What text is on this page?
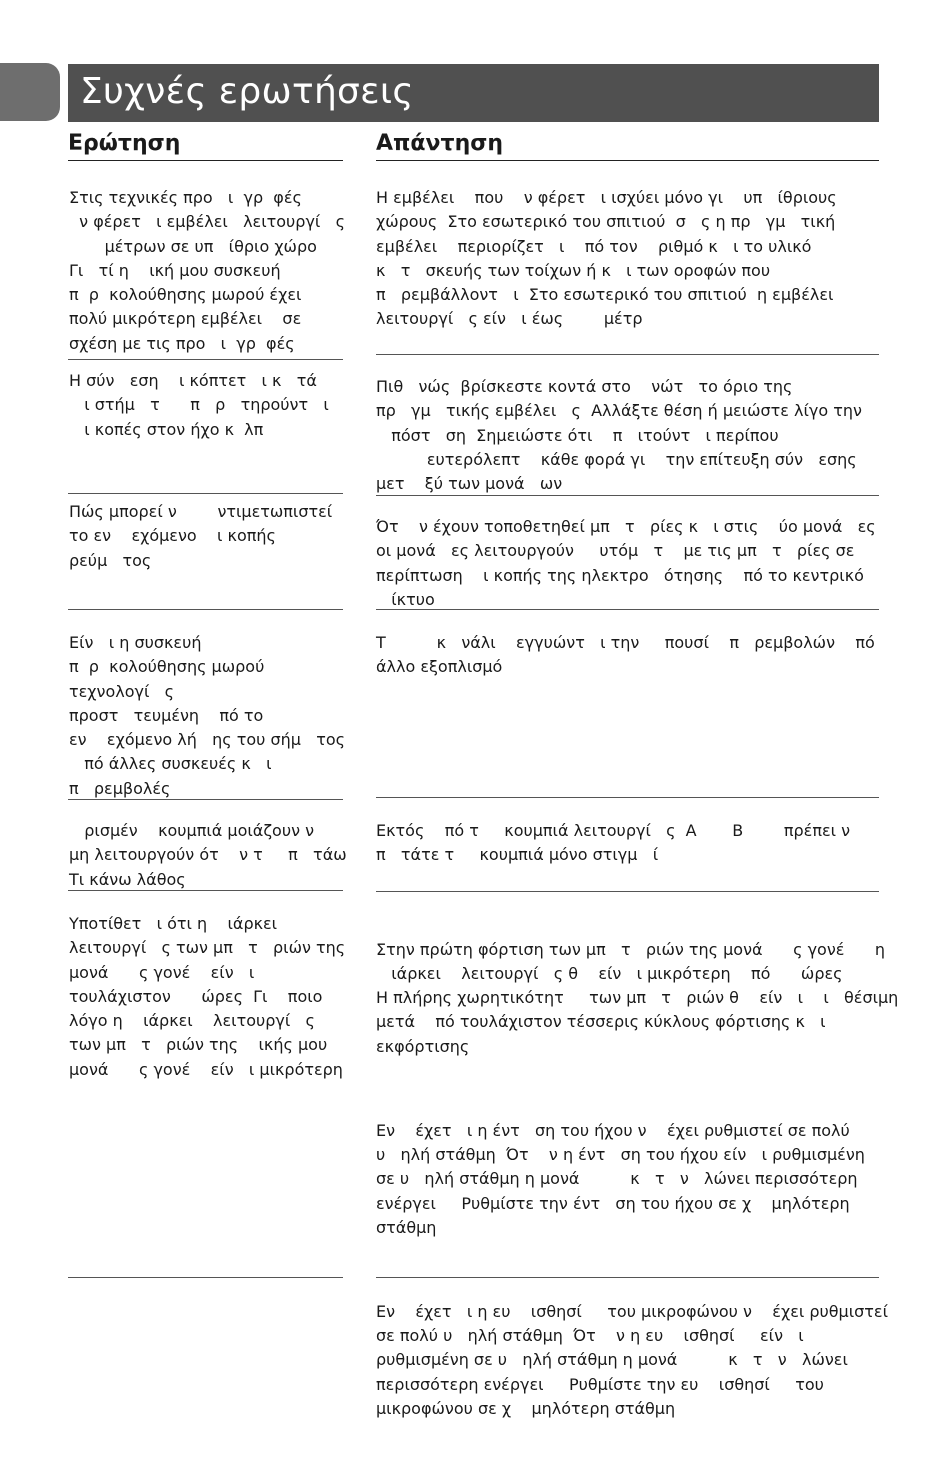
Συχνές ερωτήσεις
Ερώτηση	Απάντηση
Στις τεχνικές προ   ι  γρ  φές
ν φέρετ   ι εμβέλει   λειτουργί   ς
μέτρων σε υπ   ίθριο χώρο
Γι   τί η    ική μου συσκευή
π  ρ  κολούθησης μωρού έχει
πολύ μικρότερη εμβέλει    σε
σχέση με τις προ   ι  γρ  φές
Η εμβέλει    που    ν φέρετ   ι ισχύει μόνο γι    υπ   ίθριους
χώρους  Στο εσωτερικό του σπιτιού  σ   ς η πρ   γμ   τική
εμβέλει    περιορίζετ   ι    πό τον    ριθμό κ   ι το υλικό
κ   τ   σκευής των τοίχων ή κ   ι των οροφών που
π   ρεμβάλλοντ   ι  Στο εσωτερικό του σπιτιού  η εμβέλει
λειτουργί   ς είν   ι έως        μέτρ
Η σύν   εση    ι κόπτετ   ι κ   τά
ι στήμ   τ      π   ρ   τηρούντ   ι
ι κοπές στον ήχο κ  λπ
Πιθ   νώς  βρίσκεστε κοντά στο    νώτ   το όριο της
πρ   γμ   τικής εμβέλει   ς  Αλλάξτε θέση ή μειώστε λίγο την
πόστ   ση  Σημειώστε ότι    π   ιτούντ   ι περίπου
ευτερόλεπτ    κάθε φορά γι    την επίτευξη σύν   εσης
μετ    ξύ των μονά   ων
Πώς μπορεί ν        ντιμετωπιστεί
το εν    εχόμενο    ι κοπής
ρεύμ   τος
Ότ    ν έχουν τοποθετηθεί μπ   τ   ρίες κ   ι στις    ύο μονά   ες
οι μονά   ες λειτουργούν     υτόμ   τ    με τις μπ   τ   ρίες σε
περίπτωση    ι κοπής της ηλεκτρο   ότησης    πό το κεντρικό
ίκτυο
Είν   ι η συσκευή
π  ρ  κολούθησης μωρού
τεχνολογί   ς
προστ   τευμένη    πό το
εν    εχόμενο λή   ης του σήμ   τος
πό άλλες συσκευές κ   ι
π   ρεμβολές
Τ          κ   νάλι    εγγυώντ   ι την     πουσί    π   ρεμβολών    πό
άλλο εξοπλισμό
ρισμέν    κουμπιά μοιάζουν ν
μη λειτουργούν ότ    ν τ     π   τάω
Τι κάνω λάθος
Εκτός    πό τ     κουμπιά λειτουργί   ς  Α       Β        πρέπει ν
π   τάτε τ     κουμπιά μόνο στιγμ   ί
Υποτίθετ   ι ότι η    ιάρκει
λειτουργί   ς των μπ   τ   ριών της
μονά      ς γονέ    είν   ι
τουλάχιστον      ώρες  Γι    ποιο
λόγο η    ιάρκει    λειτουργί   ς
των μπ   τ   ριών της    ικής μου
μονά      ς γονέ    είν   ι μικρότερη

Στην πρώτη φόρτιση των μπ   τ   ριών της μονά      ς γονέ      η
ιάρκει    λειτουργί   ς θ    είν   ι μικρότερη    πό      ώρες
Η πλήρης χωρητικότητ     των μπ   τ   ριών θ    είν   ι    ι   θέσιμη
μετά    πό τουλάχιστον τέσσερις κύκλους φόρτισης κ   ι
εκφόρτισης

Εν    έχετ   ι η έντ   ση του ήχου ν    έχει ρυθμιστεί σε πολύ
υ   ηλή στάθμη  Ότ    ν η έντ   ση του ήχου είν   ι ρυθμισμένη
σε υ   ηλή στάθμη η μονά          κ   τ   ν   λώνει περισσότερη
ενέργει     Ρυθμίστε την έντ   ση του ήχου σε χ    μηλότερη
στάθμη

Εν    έχετ   ι η ευ    ισθησί     του μικροφώνου ν    έχει ρυθμιστεί
σε πολύ υ   ηλή στάθμη  Ότ    ν η ευ    ισθησί     είν   ι
ρυθμισμένη σε υ   ηλή στάθμη η μονά          κ   τ   ν   λώνει
περισσότερη ενέργει     Ρυθμίστε την ευ    ισθησί     του
μικροφώνου σε χ    μηλότερη στάθμη
